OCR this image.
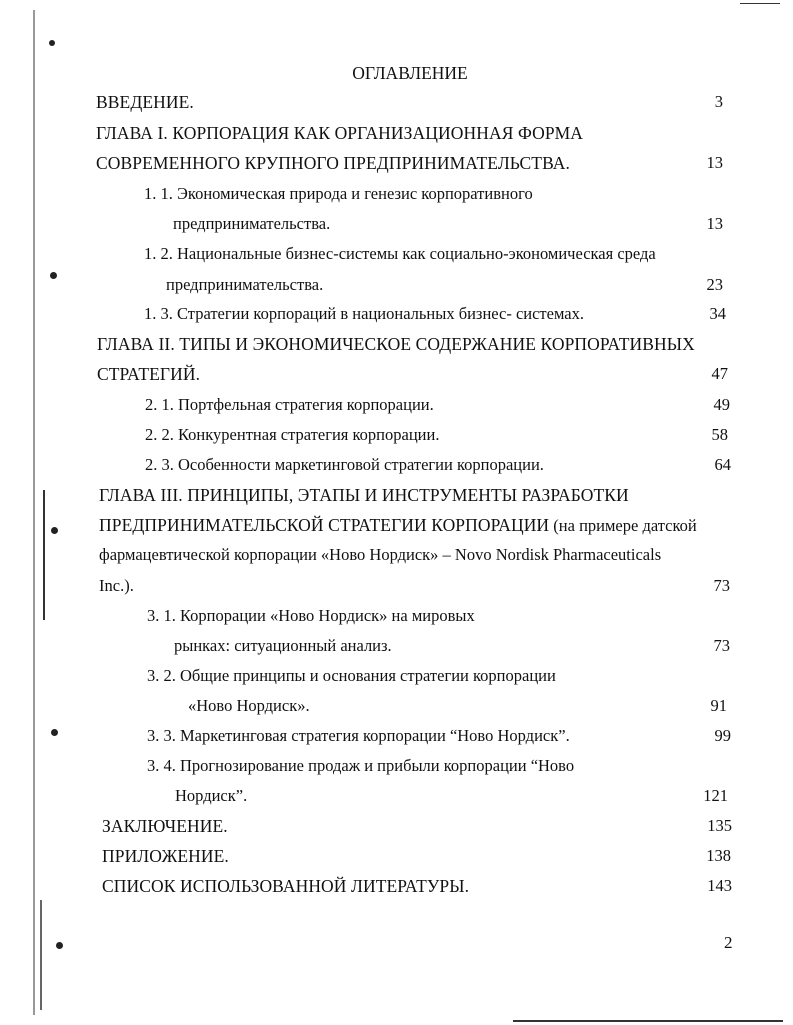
ОГЛАВЛЕНИЕ
ВВЕДЕНИЕ.	3
ГЛАВА I. КОРПОРАЦИЯ КАК ОРГАНИЗАЦИОННАЯ ФОРМА
СОВРЕМЕННОГО КРУПНОГО ПРЕДПРИНИМАТЕЛЬСТВА.	13
1. 1. Экономическая природа и генезис корпоративного
предпринимательства.	13
1. 2. Национальные бизнес-системы как социально-экономическая среда
предпринимательства.	23
1. 3. Стратегии корпораций в национальных бизнес- системах.	34
ГЛАВА II. ТИПЫ И ЭКОНОМИЧЕСКОЕ СОДЕРЖАНИЕ КОРПОРАТИВНЫХ
СТРАТЕГИЙ.	47
2. 1. Портфельная стратегия корпорации.	49
2. 2. Конкурентная стратегия корпорации.	58
2. 3. Особенности маркетинговой стратегии корпорации.	64
ГЛАВА III. ПРИНЦИПЫ, ЭТАПЫ И ИНСТРУМЕНТЫ РАЗРАБОТКИ
ПРЕДПРИНИМАТЕЛЬСКОЙ СТРАТЕГИИ КОРПОРАЦИИ (на примере датской
фармацевтической корпорации «Ново Нордиск» – Novo Nordisk Pharmaceuticals
Inc.).	73
3. 1. Корпорации «Ново Нордиск» на мировых
рынках: ситуационный анализ.	73
3. 2. Общие принципы и основания стратегии корпорации
«Ново Нордиск».	91
3. 3. Маркетинговая стратегия корпорации “Ново Нордиск”.	99
3. 4. Прогнозирование продаж и прибыли корпорации “Ново
Нордиск”.	121
ЗАКЛЮЧЕНИЕ.	135
ПРИЛОЖЕНИЕ.	138
СПИСОК ИСПОЛЬЗОВАННОЙ ЛИТЕРАТУРЫ.	143
2
